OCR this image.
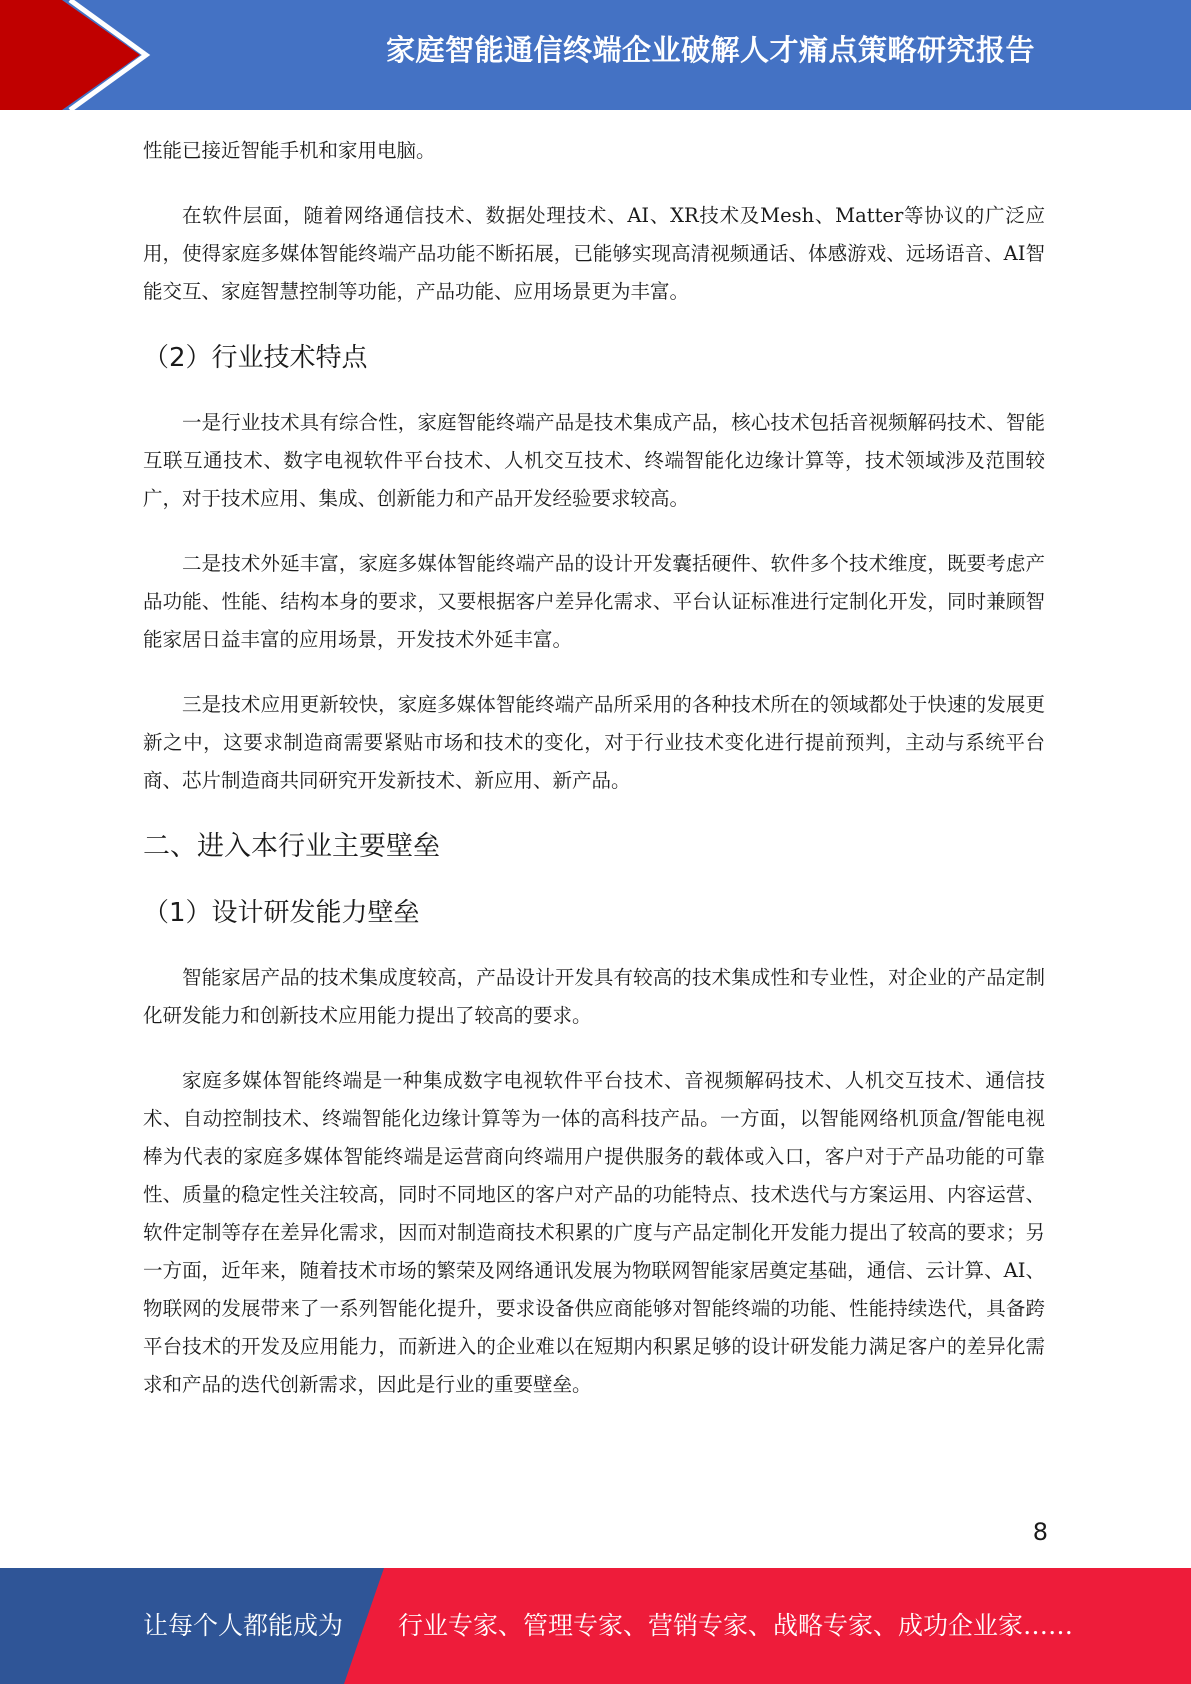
家庭智能通信终端企业破解人才痛点策略研究报告

性能已接近智能手机和家用电脑。

在软件层面，随着网络通信技术、数据处理技术、AI、XR技术及Mesh、Matter等协议的广泛应用，使得家庭多媒体智能终端产品功能不断拓展，已能够实现高清视频通话、体感游戏、远场语音、AI智能交互、家庭智慧控制等功能，产品功能、应用场景更为丰富。

（2）行业技术特点

一是行业技术具有综合性，家庭智能终端产品是技术集成产品，核心技术包括音视频解码技术、智能互联互通技术、数字电视软件平台技术、人机交互技术、终端智能化边缘计算等，技术领域涉及范围较广，对于技术应用、集成、创新能力和产品开发经验要求较高。

二是技术外延丰富，家庭多媒体智能终端产品的设计开发囊括硬件、软件多个技术维度，既要考虑产品功能、性能、结构本身的要求，又要根据客户差异化需求、平台认证标准进行定制化开发，同时兼顾智能家居日益丰富的应用场景，开发技术外延丰富。

三是技术应用更新较快，家庭多媒体智能终端产品所采用的各种技术所在的领域都处于快速的发展更新之中，这要求制造商需要紧贴市场和技术的变化，对于行业技术变化进行提前预判，主动与系统平台商、芯片制造商共同研究开发新技术、新应用、新产品。

二、进入本行业主要壁垒
（1）设计研发能力壁垒

智能家居产品的技术集成度较高，产品设计开发具有较高的技术集成性和专业性，对企业的产品定制化研发能力和创新技术应用能力提出了较高的要求。

家庭多媒体智能终端是一种集成数字电视软件平台技术、音视频解码技术、人机交互技术、通信技术、自动控制技术、终端智能化边缘计算等为一体的高科技产品。一方面，以智能网络机顶盒/智能电视棒为代表的家庭多媒体智能终端是运营商向终端用户提供服务的载体或入口，客户对于产品功能的可靠性、质量的稳定性关注较高，同时不同地区的客户对产品的功能特点、技术迭代与方案运用、内容运营、软件定制等存在差异化需求，因而对制造商技术积累的广度与产品定制化开发能力提出了较高的要求；另一方面，近年来，随着技术市场的繁荣及网络通讯发展为物联网智能家居奠定基础，通信、云计算、AI、物联网的发展带来了一系列智能化提升，要求设备供应商能够对智能终端的功能、性能持续迭代，具备跨平台技术的开发及应用能力，而新进入的企业难以在短期内积累足够的设计研发能力满足客户的差异化需求和产品的迭代创新需求，因此是行业的重要壁垒。

8
让每个人都能成为 行业专家、管理专家、营销专家、战略专家、成功企业家……
